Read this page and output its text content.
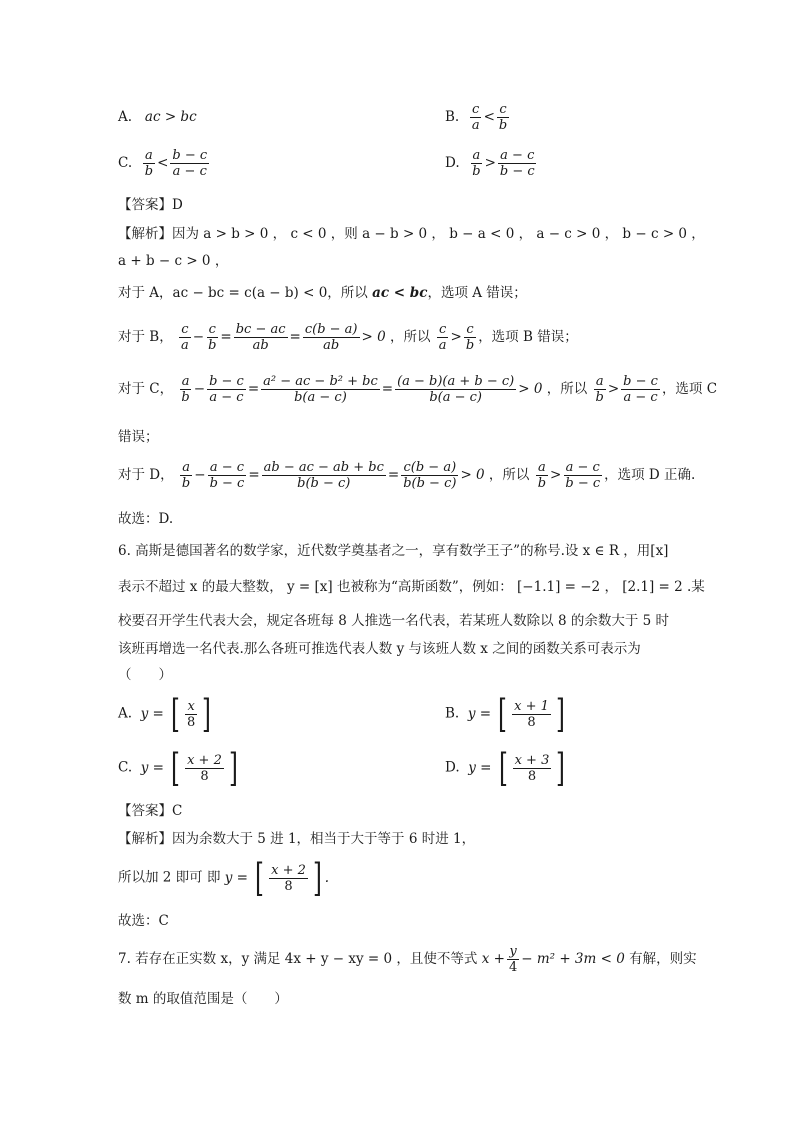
A. ac > bc	B. $\frac{c}{a} < \frac{c}{b}$
C. $\frac{a}{b} < \frac{b - c}{a - c}$	D. $\frac{a}{b} > \frac{a - c}{b - c}$
【答案】D
【解析】因为 a > b > 0 ， c < 0 ，则 a − b > 0 ， b − a < 0 ， a − c > 0 ， b − c > 0 ，
a + b − c > 0 ，
对于 A，ac − bc = c(a − b) < 0，所以 ac < bc，选项 A 错误；
对于 B， $\frac{c}{a} - \frac{c}{b} = \frac{bc - ac}{ab} = \frac{c(b - a)}{ab} > 0$ ，所以 $\frac{c}{a} > \frac{c}{b}$ ，选项 B 错误；
对于 C， $\frac{a}{b} - \frac{b - c}{a - c} = \frac{\text{a² − ac − b² + bc}}{b(a - c)} = \frac{(a - b)(a + b - c)}{b(a - c)} > 0$ ，所以 $\frac{a}{b} > \frac{b - c}{a - c}$ ，选项 C
错误；
对于 D， $\frac{a}{b} - \frac{a - c}{b - c} = \frac{ab - ac - ab + bc}{b(b - c)} = \frac{c(b - a)}{b(b - c)} > 0$ ，所以 $\frac{a}{b} > \frac{a - c}{b - c}$ ，选项 D 正确.
故选：D.
6. 高斯是德国著名的数学家，近代数学奠基者之一，享有数学王子”的称号.设 x ∈ R ，用[x]
表示不超过 x 的最大整数， y = [x] 也被称为“高斯函数”，例如： [−1.1] = −2 ， [2.1] = 2 .某
校要召开学生代表大会，规定各班每 8 人推选一名代表，若某班人数除以 8 的余数大于 5 时
该班再增选一名代表.那么各班可推选代表人数 y 与该班人数 x 之间的函数关系可表示为
（　　）
A. y = [ $\frac{x}{8}$ ]	B. y = [ $\frac{x + 1}{8}$ ]
C. y = [ $\frac{x + 2}{8}$ ]	D. y = [ $\frac{x + 3}{8}$ ]
【答案】C
【解析】因为余数大于 5 进 1，相当于大于等于 6 时进 1，
所以加 2 即可 即 y = [ $\frac{x + 2}{8}$ ] .
故选：C
7. 若存在正实数 x，y 满足 4x + y − xy = 0 ，且使不等式 $x + \frac{y}{4} - m^2 + 3m < 0$ 有解，则实
数 m 的取值范围是（　　）
